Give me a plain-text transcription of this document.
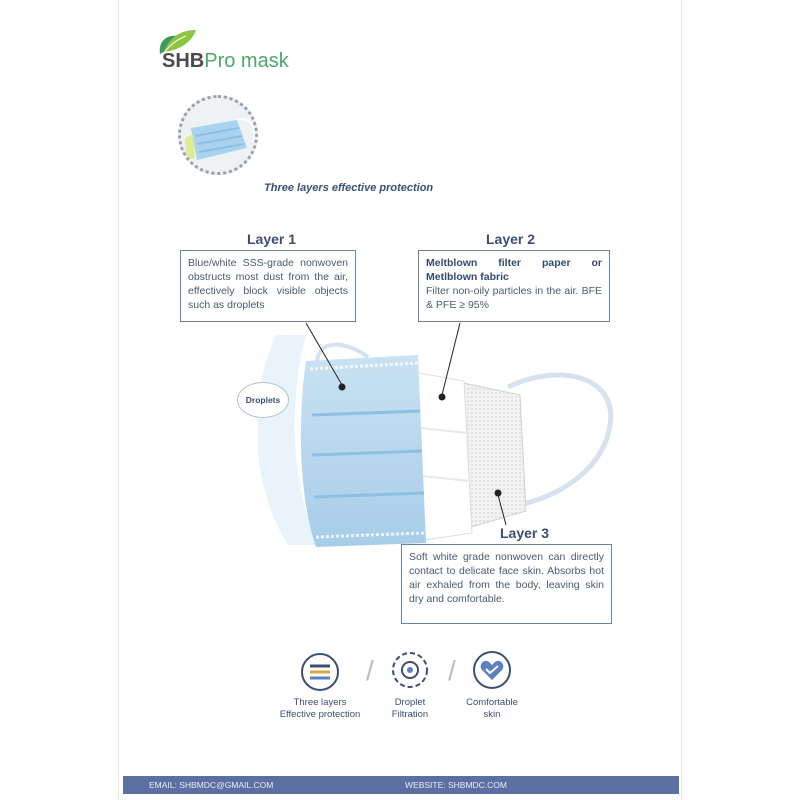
SHBPro mask
Three layers effective protection
Layer 1
Blue/white SSS-grade nonwoven obstructs most dust from the air, effectively block visible objects such as droplets
Layer 2
Meltblown filter paper or Metlblown fabric
Filter non-oily particles in the air. BFE & PFE ≥ 95%
Droplets
Layer 3
Soft white grade nonwoven can directly contact to delicate face skin. Absorbs hot air exhaled from the body, leaving skin dry and comfortable.
/	/
Three layers
Effective protection
Droplet
Filtration
Comfortable
skin
EMAIL: SHBMDC@GMAIL.COM	WEBSITE: SHBMDC.COM
